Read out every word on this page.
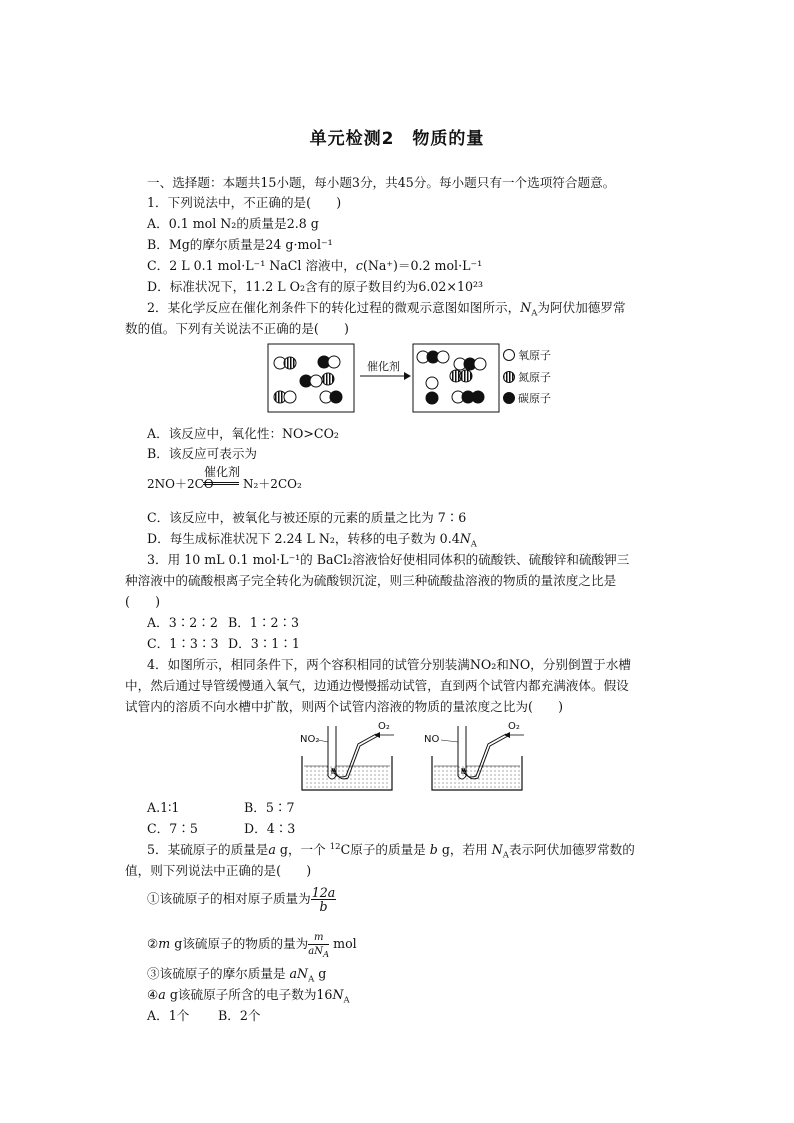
单元检测2　物质的量
一、选择题：本题共15小题，每小题3分，共45分。每小题只有一个选项符合题意。
1．下列说法中，不正确的是(　　)
A．0.1 mol N₂的质量是2.8 g
B．Mg的摩尔质量是24 g·mol⁻¹
C．2 L 0.1 mol·L⁻¹ NaCl 溶液中，c(Na⁺)＝0.2 mol·L⁻¹
D．标准状况下，11.2 L O₂含有的原子数目约为6.02×10²³
2．某化学反应在催化剂条件下的转化过程的微观示意图如图所示，$N_A$为阿伏加德罗常
数的值。下列有关说法不正确的是(　　)
催化剂
氧原子
氮原子
碳原子
A．该反应中，氧化性：NO>CO₂
B．该反应可表示为
2NO＋2CO
催化剂
N₂＋2CO₂
C．该反应中，被氧化与被还原的元素的质量之比为 7∶6
D．每生成标准状况下 2.24 L N₂，转移的电子数为 $0.4N_A$
3．用 10 mL 0.1 mol·L⁻¹的 BaCl₂溶液恰好使相同体积的硫酸铁、硫酸锌和硫酸钾三
种溶液中的硫酸根离子完全转化为硫酸钡沉淀，则三种硫酸盐溶液的物质的量浓度之比是
(　　)
A．3∶2∶2 B．1∶2∶3
C．1∶3∶3 D．3∶1∶1
4．如图所示，相同条件下，两个容积相同的试管分别装满NO₂和NO，分别倒置于水槽
中，然后通过导管缓慢通入氧气，边通边慢慢摇动试管，直到两个试管内都充满液体。假设
试管内的溶质不向水槽中扩散，则两个试管内溶液的物质的量浓度之比为(　　)
NO₂
O₂
NO
O₂
A.1∶1	B．5∶7
C．7∶5	D．4∶3
5．某硫原子的质量是a g，一个 $^{12}$C原子的质量是 b g，若用 $N_A$表示阿伏加德罗常数的
值，则下列说法中正确的是(　　)
①该硫原子的相对原子质量为 $\frac{12a}{b}$
②m g该硫原子的物质的量为 $\frac{m}{aN_A}$ mol
③该硫原子的摩尔质量是 $aN_A$ g
④a g该硫原子所含的电子数为$16N_A$
A．1个 B．2个
